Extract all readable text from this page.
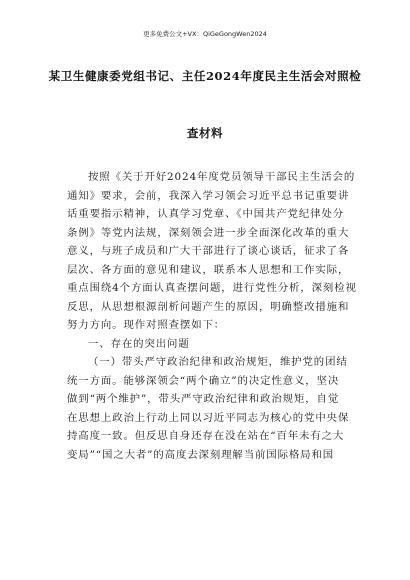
更多免费公文+VX：QiGeGongWen2024
某卫生健康委党组书记、主任2024年度民主生活会对照检
查材料
按照《关于开好2024年度党员领导干部民主生活会的
通知》要求，会前，我深入学习领会习近平总书记重要讲
话重要指示精神，认真学习党章、《中国共产党纪律处分
条例》等党内法规，深刻领会进一步全面深化改革的重大
意义，与班子成员和广大干部进行了谈心谈话，征求了各
层次、各方面的意见和建议，联系本人思想和工作实际，
重点围绕4个方面认真查摆问题，进行党性分析，深刻检视
反思，从思想根源剖析问题产生的原因，明确整改措施和
努力方向。现作对照查摆如下：
一、存在的突出问题
（一）带头严守政治纪律和政治规矩，维护党的团结
统一方面。能够深领会“两个确立”的决定性意义，坚决
做到“两个维护”，带头严守政治纪律和政治规矩，自觉
在思想上政治上行动上同以习近平同志为核心的党中央保
持高度一致。但反思自身还存在没在站在“百年未有之大
变局”“国之大者”的高度去深刻理解当前国际格局和国
